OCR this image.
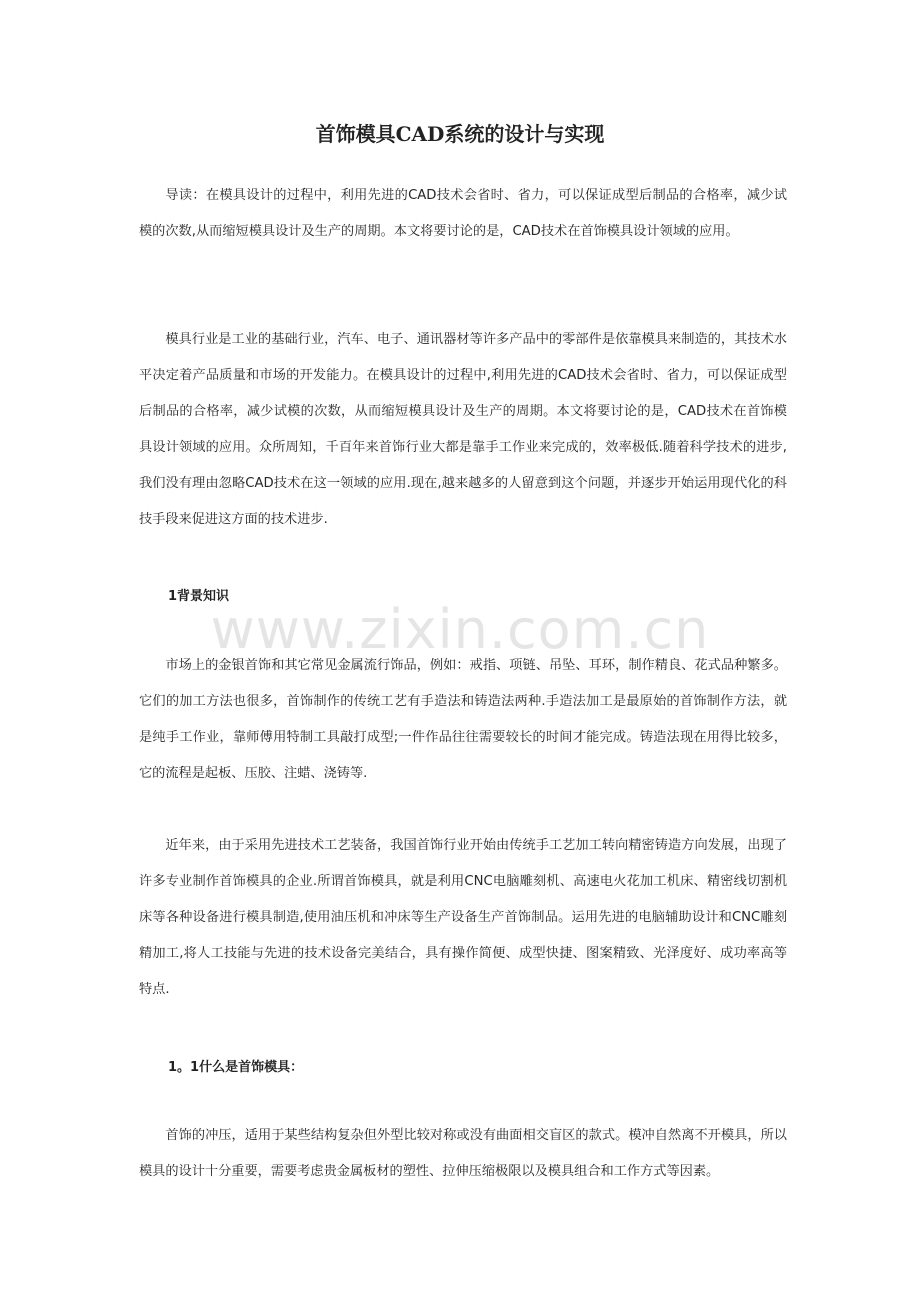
首饰模具CAD系统的设计与实现

导读：在模具设计的过程中，利用先进的CAD技术会省时、省力，可以保证成型后制品的合格率，减少试模的次数,从而缩短模具设计及生产的周期。本文将要讨论的是，CAD技术在首饰模具设计领域的应用。

模具行业是工业的基础行业，汽车、电子、通讯器材等许多产品中的零部件是依靠模具来制造的，其技术水平决定着产品质量和市场的开发能力。在模具设计的过程中,利用先进的CAD技术会省时、省力，可以保证成型后制品的合格率，减少试模的次数，从而缩短模具设计及生产的周期。本文将要讨论的是，CAD技术在首饰模具设计领域的应用。众所周知，千百年来首饰行业大都是靠手工作业来完成的，效率极低.随着科学技术的进步,我们没有理由忽略CAD技术在这一领域的应用.现在,越来越多的人留意到这个问题，并逐步开始运用现代化的科技手段来促进这方面的技术进步.

1背景知识
www.zixin.com.cn

市场上的金银首饰和其它常见金属流行饰品，例如：戒指、项链、吊坠、耳环，制作精良、花式品种繁多。它们的加工方法也很多，首饰制作的传统工艺有手造法和铸造法两种.手造法加工是最原始的首饰制作方法，就是纯手工作业，靠师傅用特制工具敲打成型;一件作品往往需要较长的时间才能完成。铸造法现在用得比较多，它的流程是起板、压胶、注蜡、浇铸等.

近年来，由于采用先进技术工艺装备，我国首饰行业开始由传统手工艺加工转向精密铸造方向发展，出现了许多专业制作首饰模具的企业.所谓首饰模具，就是利用CNC电脑雕刻机、高速电火花加工机床、精密线切割机床等各种设备进行模具制造,使用油压机和冲床等生产设备生产首饰制品。运用先进的电脑辅助设计和CNC雕刻精加工,将人工技能与先进的技术设备完美结合，具有操作简便、成型快捷、图案精致、光泽度好、成功率高等特点.

1。1什么是首饰模具：

首饰的冲压，适用于某些结构复杂但外型比较对称或没有曲面相交盲区的款式。模冲自然离不开模具，所以模具的设计十分重要，需要考虑贵金属板材的塑性、拉伸压缩极限以及模具组合和工作方式等因素。
